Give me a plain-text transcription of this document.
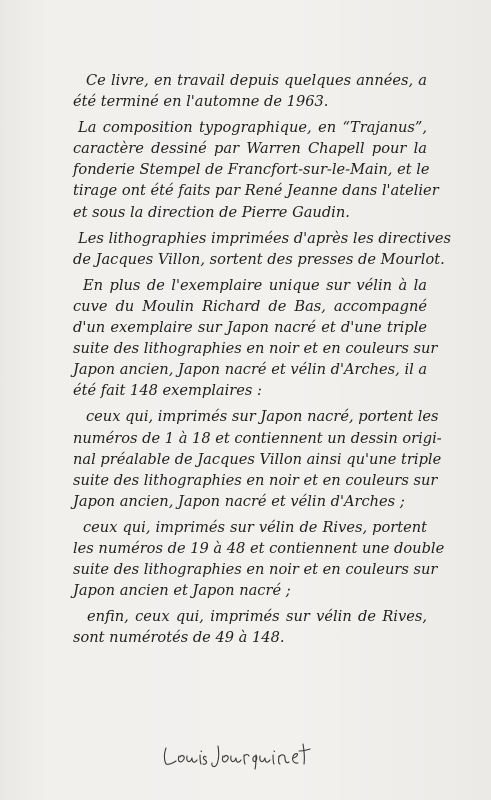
Ce livre, en travail depuis quelques années, a
été terminé en l'automne de 1963.
La composition typographique, en “Trajanus”,
caractère dessiné par Warren Chapell pour la
fonderie Stempel de Francfort-sur-le-Main, et le
tirage ont été faits par René Jeanne dans l'atelier
et sous la direction de Pierre Gaudin.
Les lithographies imprimées d'après les directives
de Jacques Villon, sortent des presses de Mourlot.
En plus de l'exemplaire unique sur vélin à la
cuve du Moulin Richard de Bas, accompagné
d'un exemplaire sur Japon nacré et d'une triple
suite des lithographies en noir et en couleurs sur
Japon ancien, Japon nacré et vélin d'Arches, il a
été fait 148 exemplaires :
ceux qui, imprimés sur Japon nacré, portent les
numéros de 1 à 18 et contiennent un dessin origi-
nal préalable de Jacques Villon ainsi qu'une triple
suite des lithographies en noir et en couleurs sur
Japon ancien, Japon nacré et vélin d'Arches ;
ceux qui, imprimés sur vélin de Rives, portent
les numéros de 19 à 48 et contiennent une double
suite des lithographies en noir et en couleurs sur
Japon ancien et Japon nacré ;
enfin, ceux qui, imprimés sur vélin de Rives,
sont numérotés de 49 à 148.
